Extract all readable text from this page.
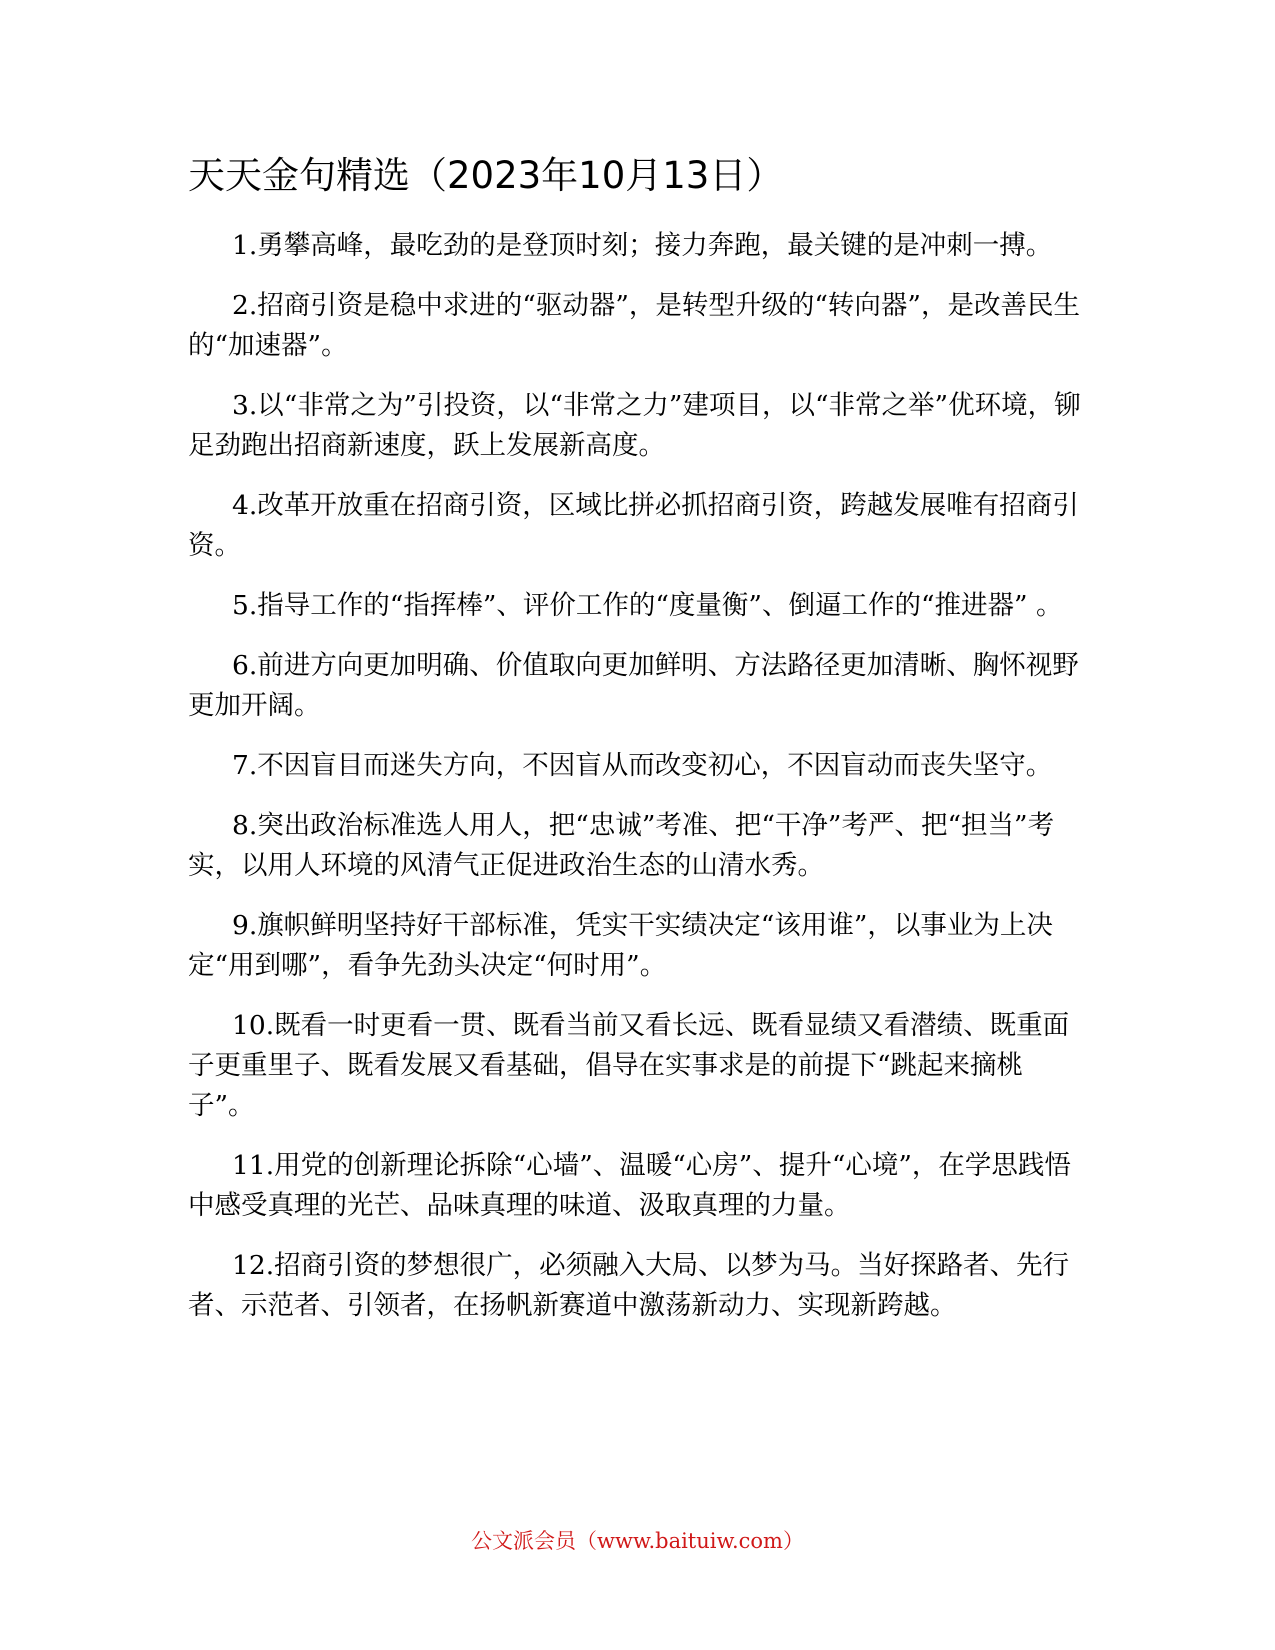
天天金句精选（2023年10月13日）

1.勇攀高峰，最吃劲的是登顶时刻；接力奔跑，最关键的是冲刺一搏。

2.招商引资是稳中求进的“驱动器”，是转型升级的“转向器”，是改善民生的“加速器”。

3.以“非常之为”引投资，以“非常之力”建项目，以“非常之举”优环境，铆足劲跑出招商新速度，跃上发展新高度。

4.改革开放重在招商引资，区域比拼必抓招商引资，跨越发展唯有招商引资。

5.指导工作的“指挥棒”、评价工作的“度量衡”、倒逼工作的“推进器” 。

6.前进方向更加明确、价值取向更加鲜明、方法路径更加清晰、胸怀视野更加开阔。

7.不因盲目而迷失方向，不因盲从而改变初心，不因盲动而丧失坚守。

8.突出政治标准选人用人，把“忠诚”考准、把“干净”考严、把“担当”考实，以用人环境的风清气正促进政治生态的山清水秀。

9.旗帜鲜明坚持好干部标准，凭实干实绩决定“该用谁”，以事业为上决定“用到哪”，看争先劲头决定“何时用”。

10.既看一时更看一贯、既看当前又看长远、既看显绩又看潜绩、既重面子更重里子、既看发展又看基础，倡导在实事求是的前提下“跳起来摘桃子”。

11.用党的创新理论拆除“心墙”、温暖“心房”、提升“心境”，在学思践悟中感受真理的光芒、品味真理的味道、汲取真理的力量。

12.招商引资的梦想很广，必须融入大局、以梦为马。当好探路者、先行者、示范者、引领者，在扬帆新赛道中激荡新动力、实现新跨越。

公文派会员（www.baituiw.com）
